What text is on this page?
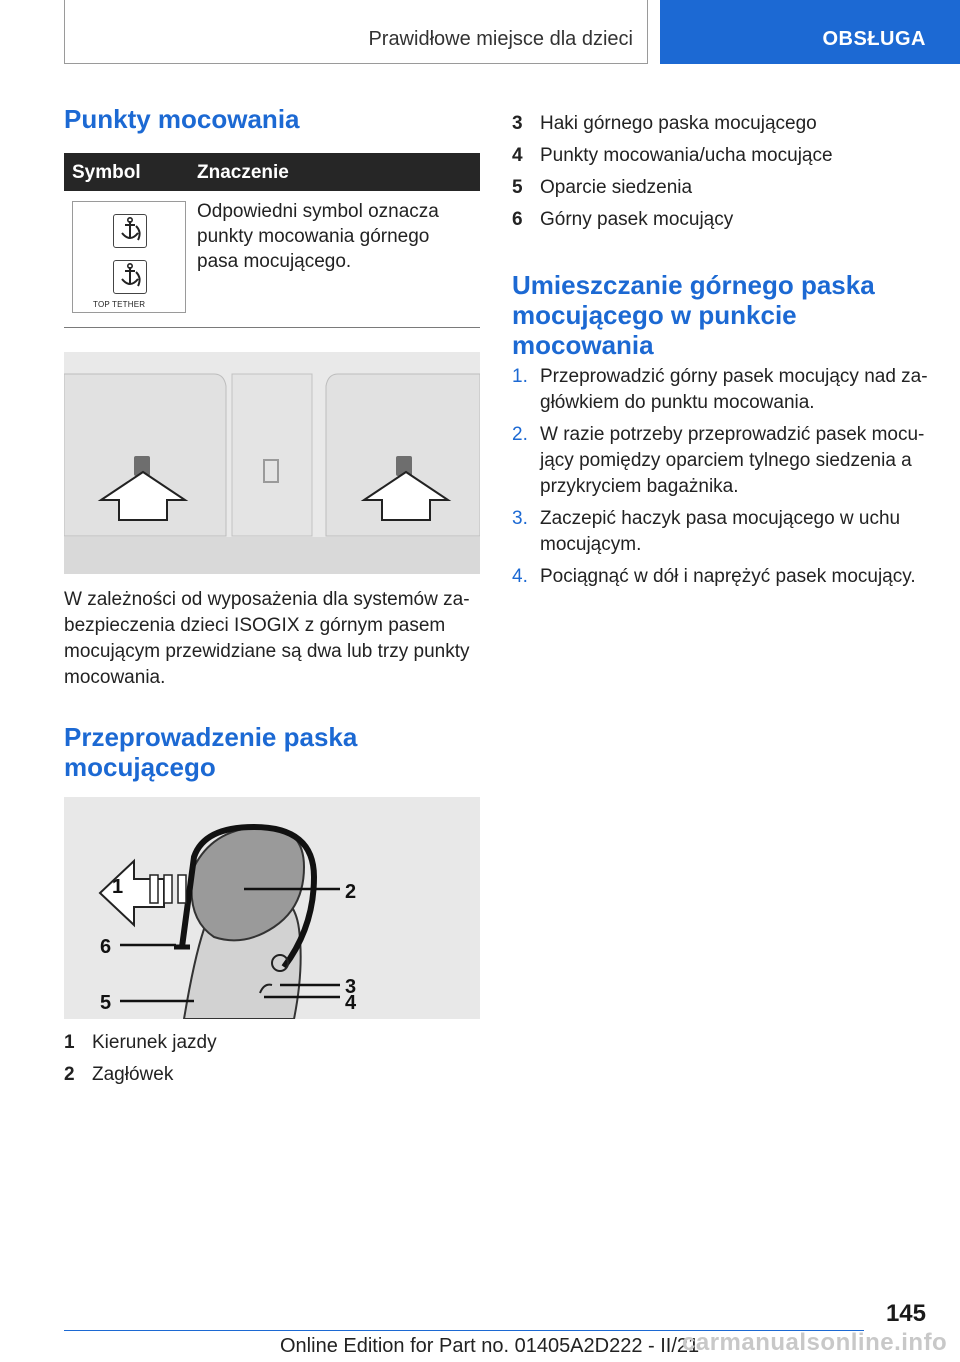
Prawidłowe miejsce dla dzieci	OBSŁUGA
Punkty mocowania
Symbol	Znaczenie
TOP TETHER
Odpowiedni symbol oznacza punkty mocowania górnego pasa mocującego.

W zależności od wyposażenia dla systemów zabezpieczenia dzieci ISOGIX z górnym pasem mocującym przewidziane są dwa lub trzy punkty mocowania.

Przeprowadzenie paska mocującego
1	2
3
4
5
6
1 Kierunek jazdy
2 Zagłówek
3 Haki górnego paska mocującego
4 Punkty mocowania/ucha mocujące
5 Oparcie siedzenia
6 Górny pasek mocujący
Umieszczanie górnego paska mocującego w punkcie mocowania
1. Przeprowadzić górny pasek mocujący nad zagłówkiem do punktu mocowania.
2. W razie potrzeby przeprowadzić pasek mocujący pomiędzy oparciem tylnego siedzenia a przykryciem bagażnika.
3. Zaczepić haczyk pasa mocującego w uchu mocującym.
4. Pociągnąć w dół i naprężyć pasek mocujący.
145
Online Edition for Part no. 01405A2D222 - II/21
carmanualsonline.info
